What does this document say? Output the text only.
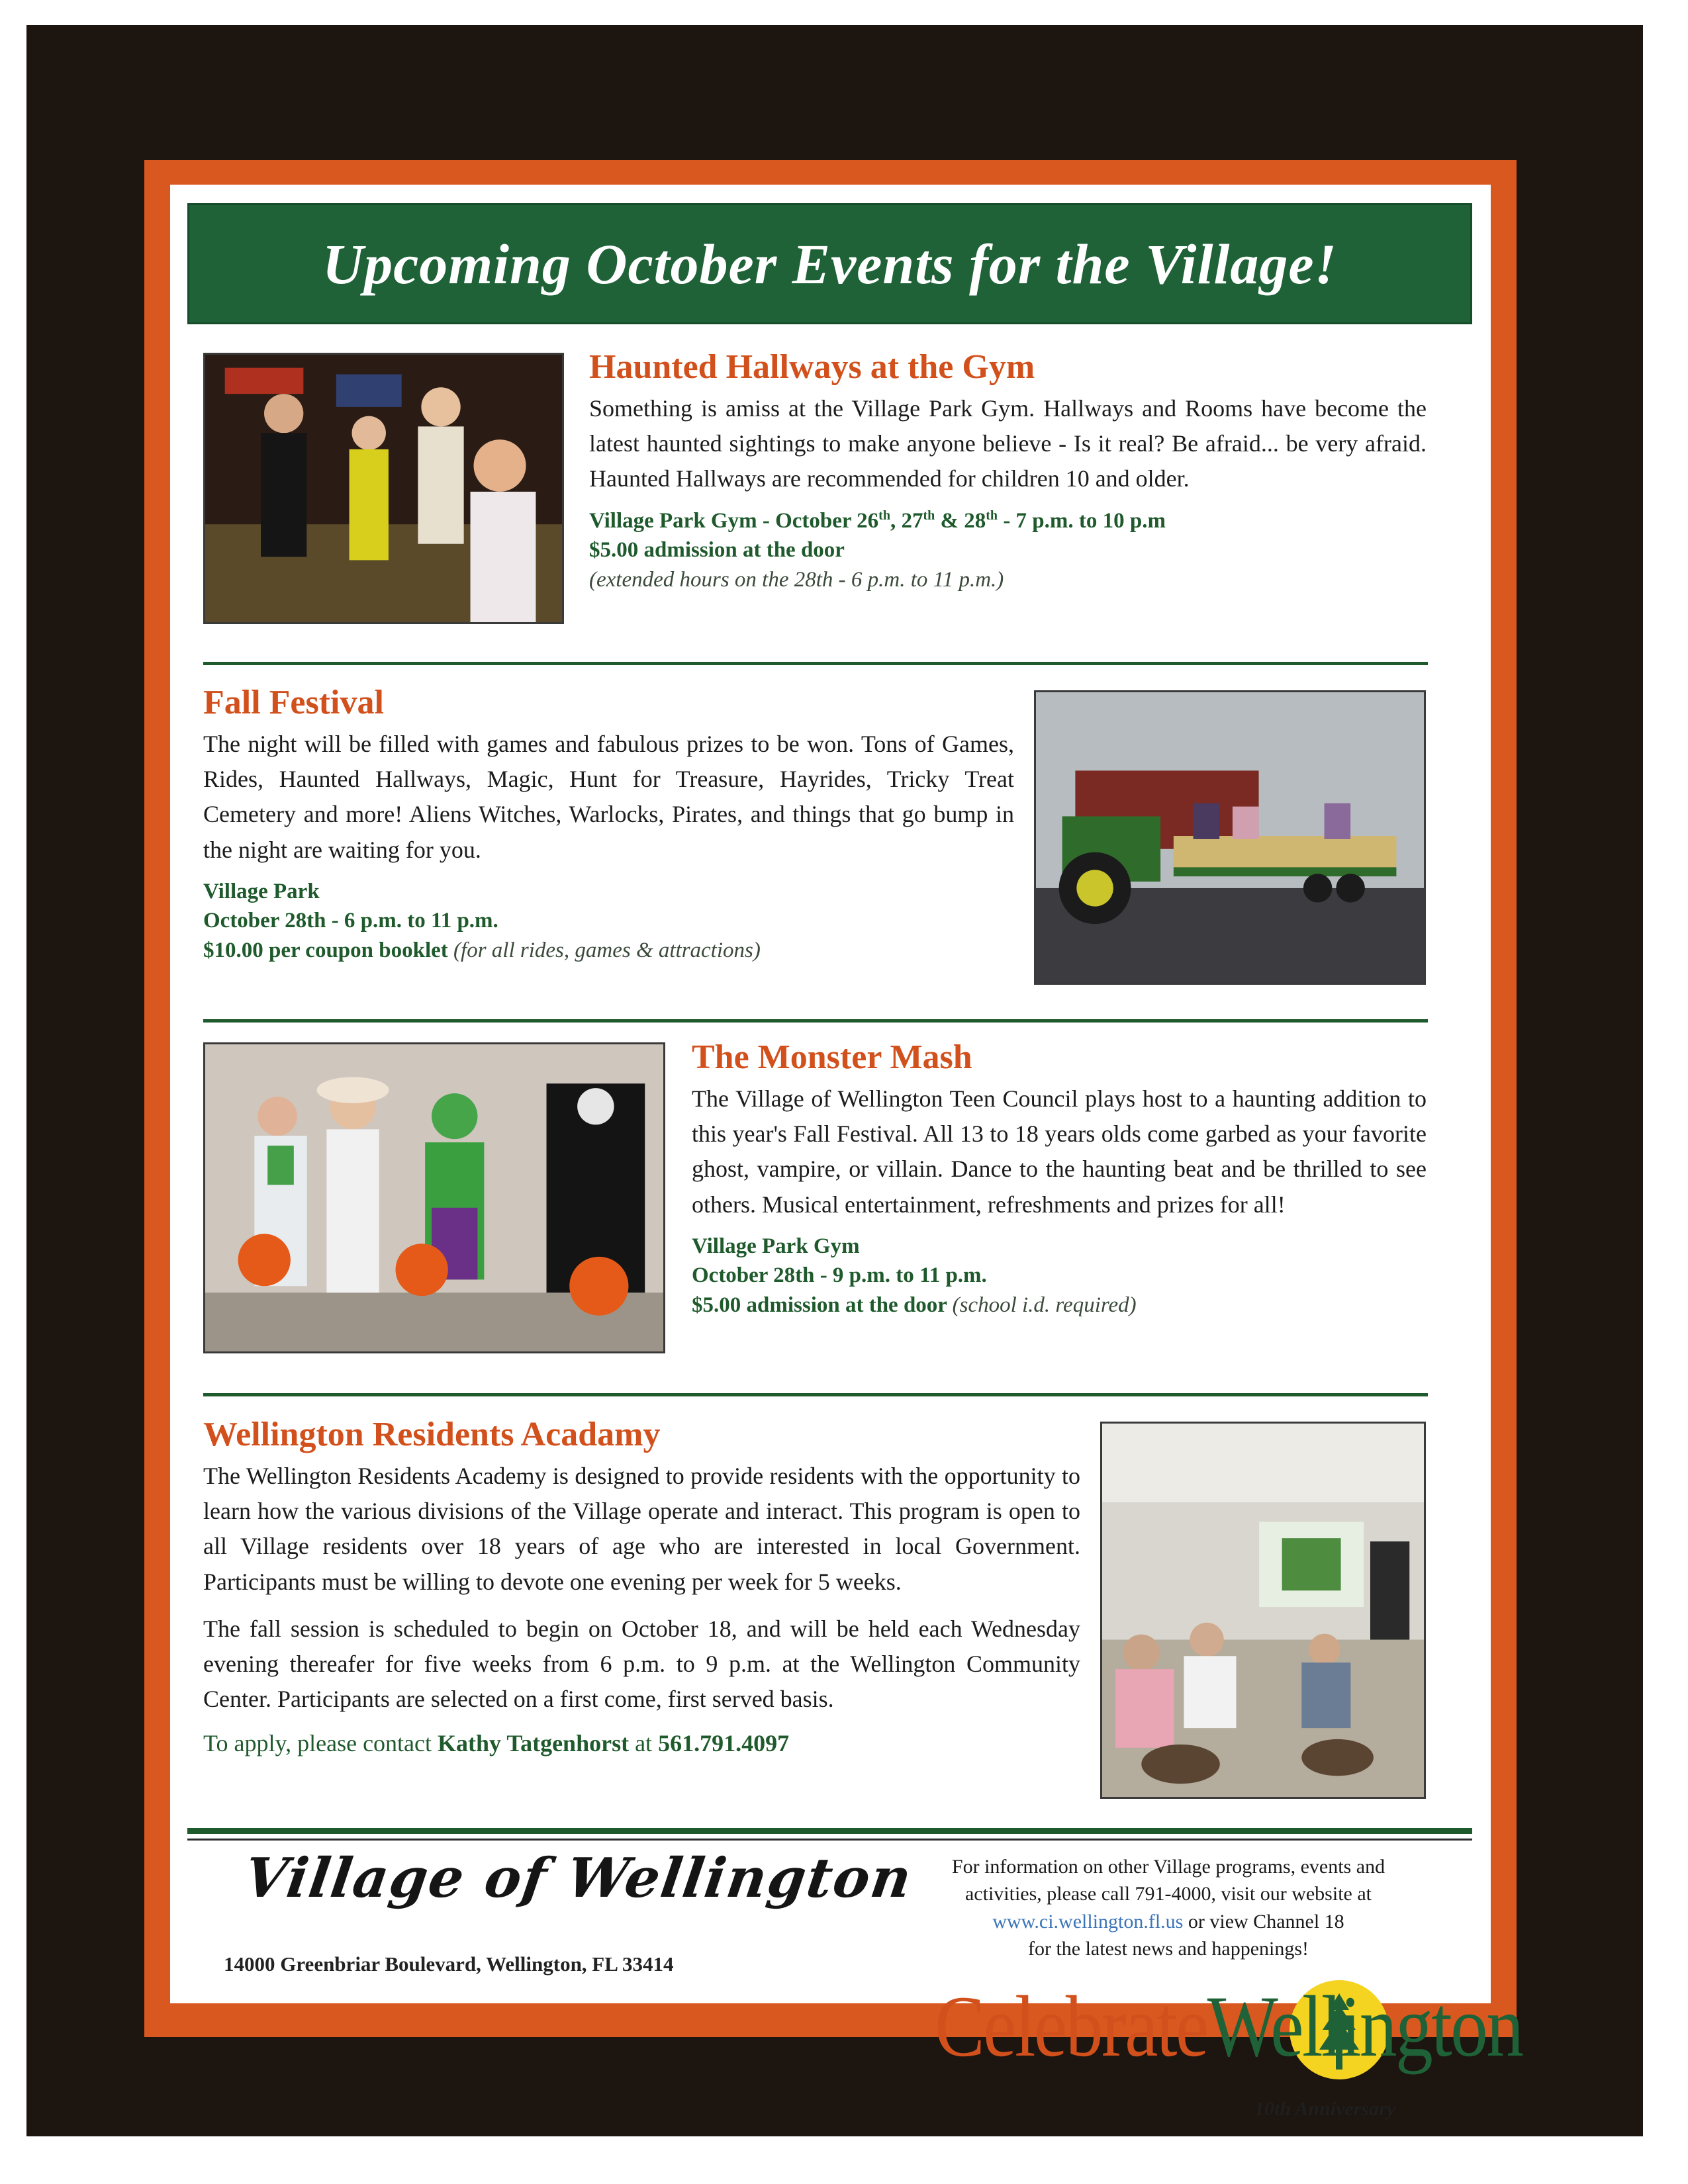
Upcoming October Events for the Village!
Haunted Hallways at the Gym

Something is amiss at the Village Park Gym. Hallways and Rooms have become the latest haunted sightings to make anyone believe - Is it real? Be afraid... be very afraid. Haunted Hallways are recommended for children 10 and older.

Village Park Gym - October 26th, 27th & 28th - 7 p.m. to 10 p.m
$5.00 admission at the door
(extended hours on the 28th - 6 p.m. to 11 p.m.)
Fall Festival

The night will be filled with games and fabulous prizes to be won. Tons of Games, Rides, Haunted Hallways, Magic, Hunt for Treasure, Hayrides, Tricky Treat Cemetery and more! Aliens Witches, Warlocks, Pirates, and things that go bump in the night are waiting for you.

Village Park
October 28th - 6 p.m. to 11 p.m.
$10.00 per coupon booklet (for all rides, games & attractions)
The Monster Mash

The Village of Wellington Teen Council plays host to a haunting addition to this year's Fall Festival. All 13 to 18 years olds come garbed as your favorite ghost, vampire, or villain. Dance to the haunting beat and be thrilled to see others. Musical entertainment, refreshments and prizes for all!

Village Park Gym
October 28th - 9 p.m. to 11 p.m.
$5.00 admission at the door (school i.d. required)
Wellington Residents Acadamy

The Wellington Residents Academy is designed to provide residents with the opportunity to learn how the various divisions of the Village operate and interact. This program is open to all Village residents over 18 years of age who are interested in local Government. Participants must be willing to devote one evening per week for 5 weeks.

The fall session is scheduled to begin on October 18, and will be held each Wednesday evening thereafer for five weeks from 6 p.m. to 9 p.m. at the Wellington Community Center. Participants are selected on a first come, first served basis.

To apply, please contact Kathy Tatgenhorst at 561.791.4097
Village of Wellington
14000 Greenbriar Boulevard, Wellington, FL 33414
For information on other Village programs, events and
activities, please call 791-4000, visit our website at
www.ci.wellington.fl.us or view Channel 18
for the latest news and happenings!
CelebrateWellington
10th Anniversary
